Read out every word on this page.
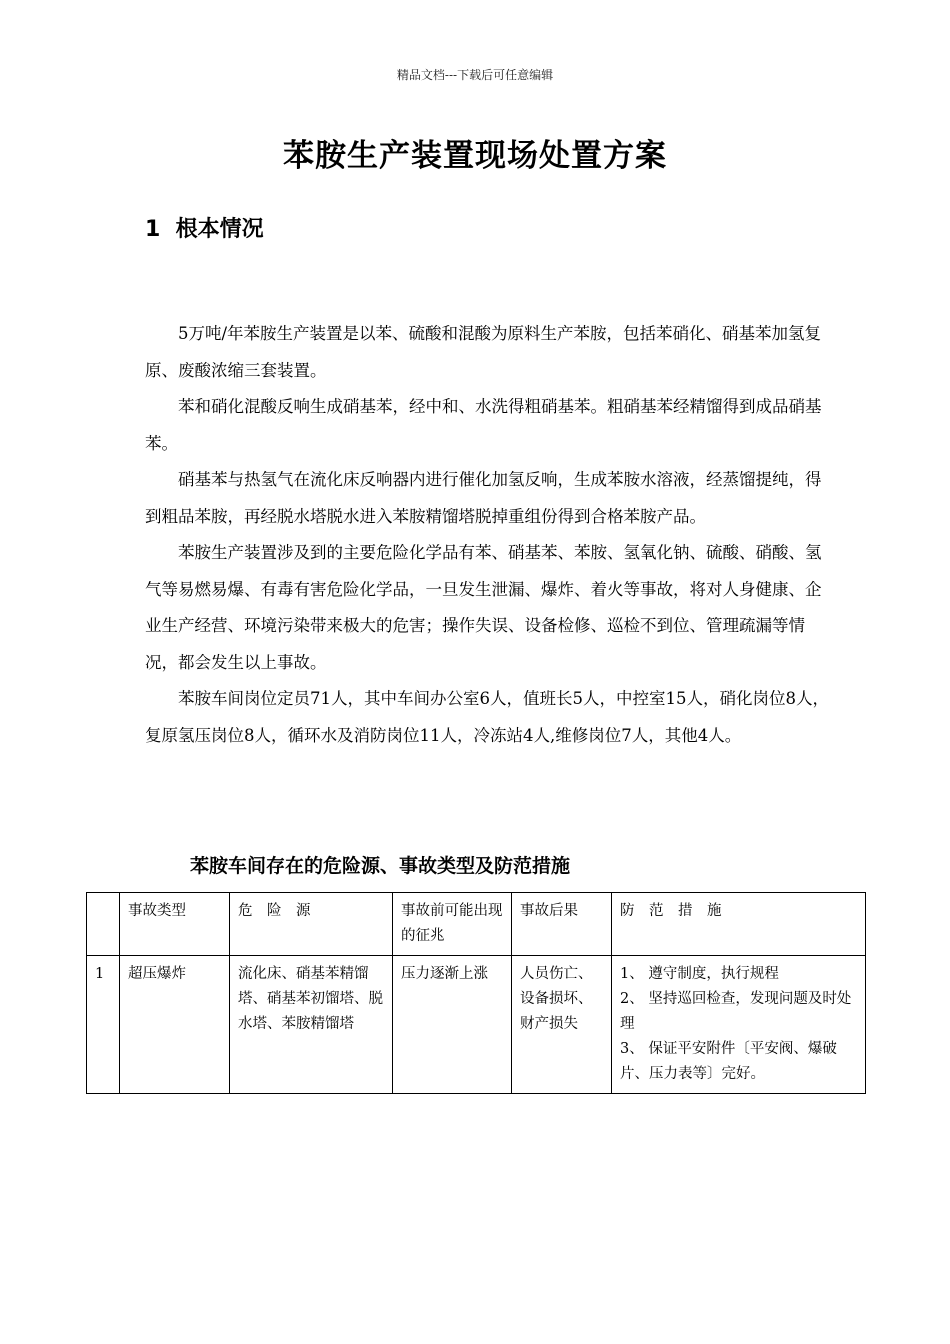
精品文档---下载后可任意编辑
苯胺生产装置现场处置方案
1 根本情况

5万吨/年苯胺生产装置是以苯、硫酸和混酸为原料生产苯胺，包括苯硝化、硝基苯加氢复原、废酸浓缩三套装置。

苯和硝化混酸反响生成硝基苯，经中和、水洗得粗硝基苯。粗硝基苯经精馏得到成品硝基苯。

硝基苯与热氢气在流化床反响器内进行催化加氢反响，生成苯胺水溶液，经蒸馏提纯，得到粗品苯胺，再经脱水塔脱水进入苯胺精馏塔脱掉重组份得到合格苯胺产品。

苯胺生产装置涉及到的主要危险化学品有苯、硝基苯、苯胺、氢氧化钠、硫酸、硝酸、氢气等易燃易爆、有毒有害危险化学品，一旦发生泄漏、爆炸、着火等事故，将对人身健康、企业生产经营、环境污染带来极大的危害；操作失误、设备检修、巡检不到位、管理疏漏等情况，都会发生以上事故。

苯胺车间岗位定员71人，其中车间办公室6人，值班长5人，中控室15人，硝化岗位8人，复原氢压岗位8人，循环水及消防岗位11人，冷冻站4人,维修岗位7人，其他4人。

苯胺车间存在的危险源、事故类型及防范措施
	事故类型	危　险　源	事故前可能出现的征兆	事故后果	防　范　措　施
1	超压爆炸	流化床、硝基苯精馏塔、硝基苯初馏塔、脱水塔、苯胺精馏塔	压力逐渐上涨	人员伤亡、设备损坏、财产损失	1、 遵守制度，执行规程
2、 坚持巡回检查，发现问题及时处理
3、 保证平安附件〔平安阀、爆破片、压力表等〕完好。
